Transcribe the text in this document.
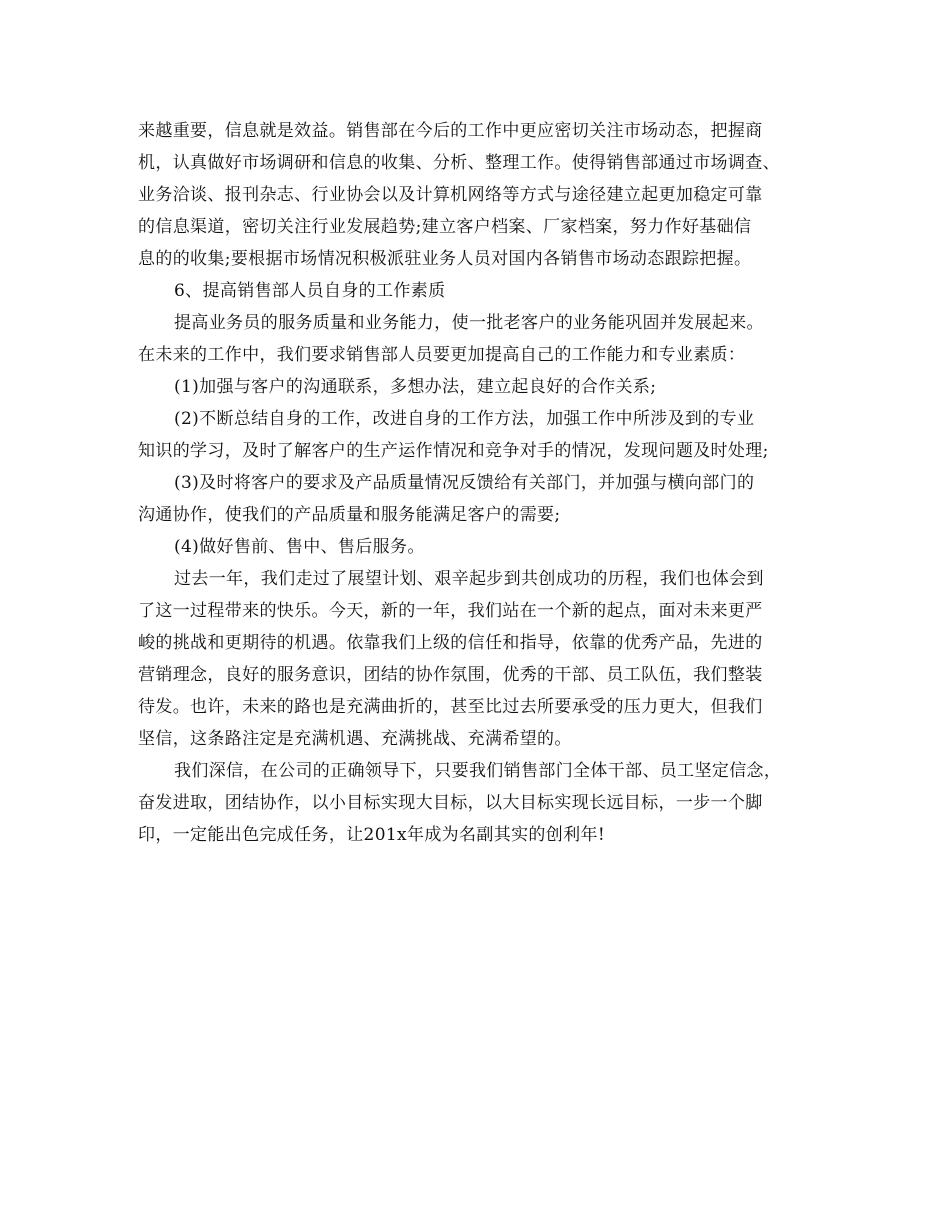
来越重要，信息就是效益。销售部在今后的工作中更应密切关注市场动态，把握商
机，认真做好市场调研和信息的收集、分析、整理工作。使得销售部通过市场调查、
业务洽谈、报刊杂志、行业协会以及计算机网络等方式与途径建立起更加稳定可靠
的信息渠道，密切关注行业发展趋势;建立客户档案、厂家档案，努力作好基础信
息的的收集;要根据市场情况积极派驻业务人员对国内各销售市场动态跟踪把握。
6、提高销售部人员自身的工作素质
提高业务员的服务质量和业务能力，使一批老客户的业务能巩固并发展起来。
在未来的工作中，我们要求销售部人员要更加提高自己的工作能力和专业素质：
(1)加强与客户的沟通联系，多想办法，建立起良好的合作关系;
(2)不断总结自身的工作，改进自身的工作方法，加强工作中所涉及到的专业
知识的学习，及时了解客户的生产运作情况和竞争对手的情况，发现问题及时处理;
(3)及时将客户的要求及产品质量情况反馈给有关部门，并加强与横向部门的
沟通协作，使我们的产品质量和服务能满足客户的需要;
(4)做好售前、售中、售后服务。
过去一年，我们走过了展望计划、艰辛起步到共创成功的历程，我们也体会到
了这一过程带来的快乐。今天，新的一年，我们站在一个新的起点，面对未来更严
峻的挑战和更期待的机遇。依靠我们上级的信任和指导，依靠的优秀产品，先进的
营销理念，良好的服务意识，团结的协作氛围，优秀的干部、员工队伍，我们整装
待发。也许，未来的路也是充满曲折的，甚至比过去所要承受的压力更大，但我们
坚信，这条路注定是充满机遇、充满挑战、充满希望的。
我们深信，在公司的正确领导下，只要我们销售部门全体干部、员工坚定信念，
奋发进取，团结协作，以小目标实现大目标，以大目标实现长远目标，一步一个脚
印，一定能出色完成任务，让201x年成为名副其实的创利年!
